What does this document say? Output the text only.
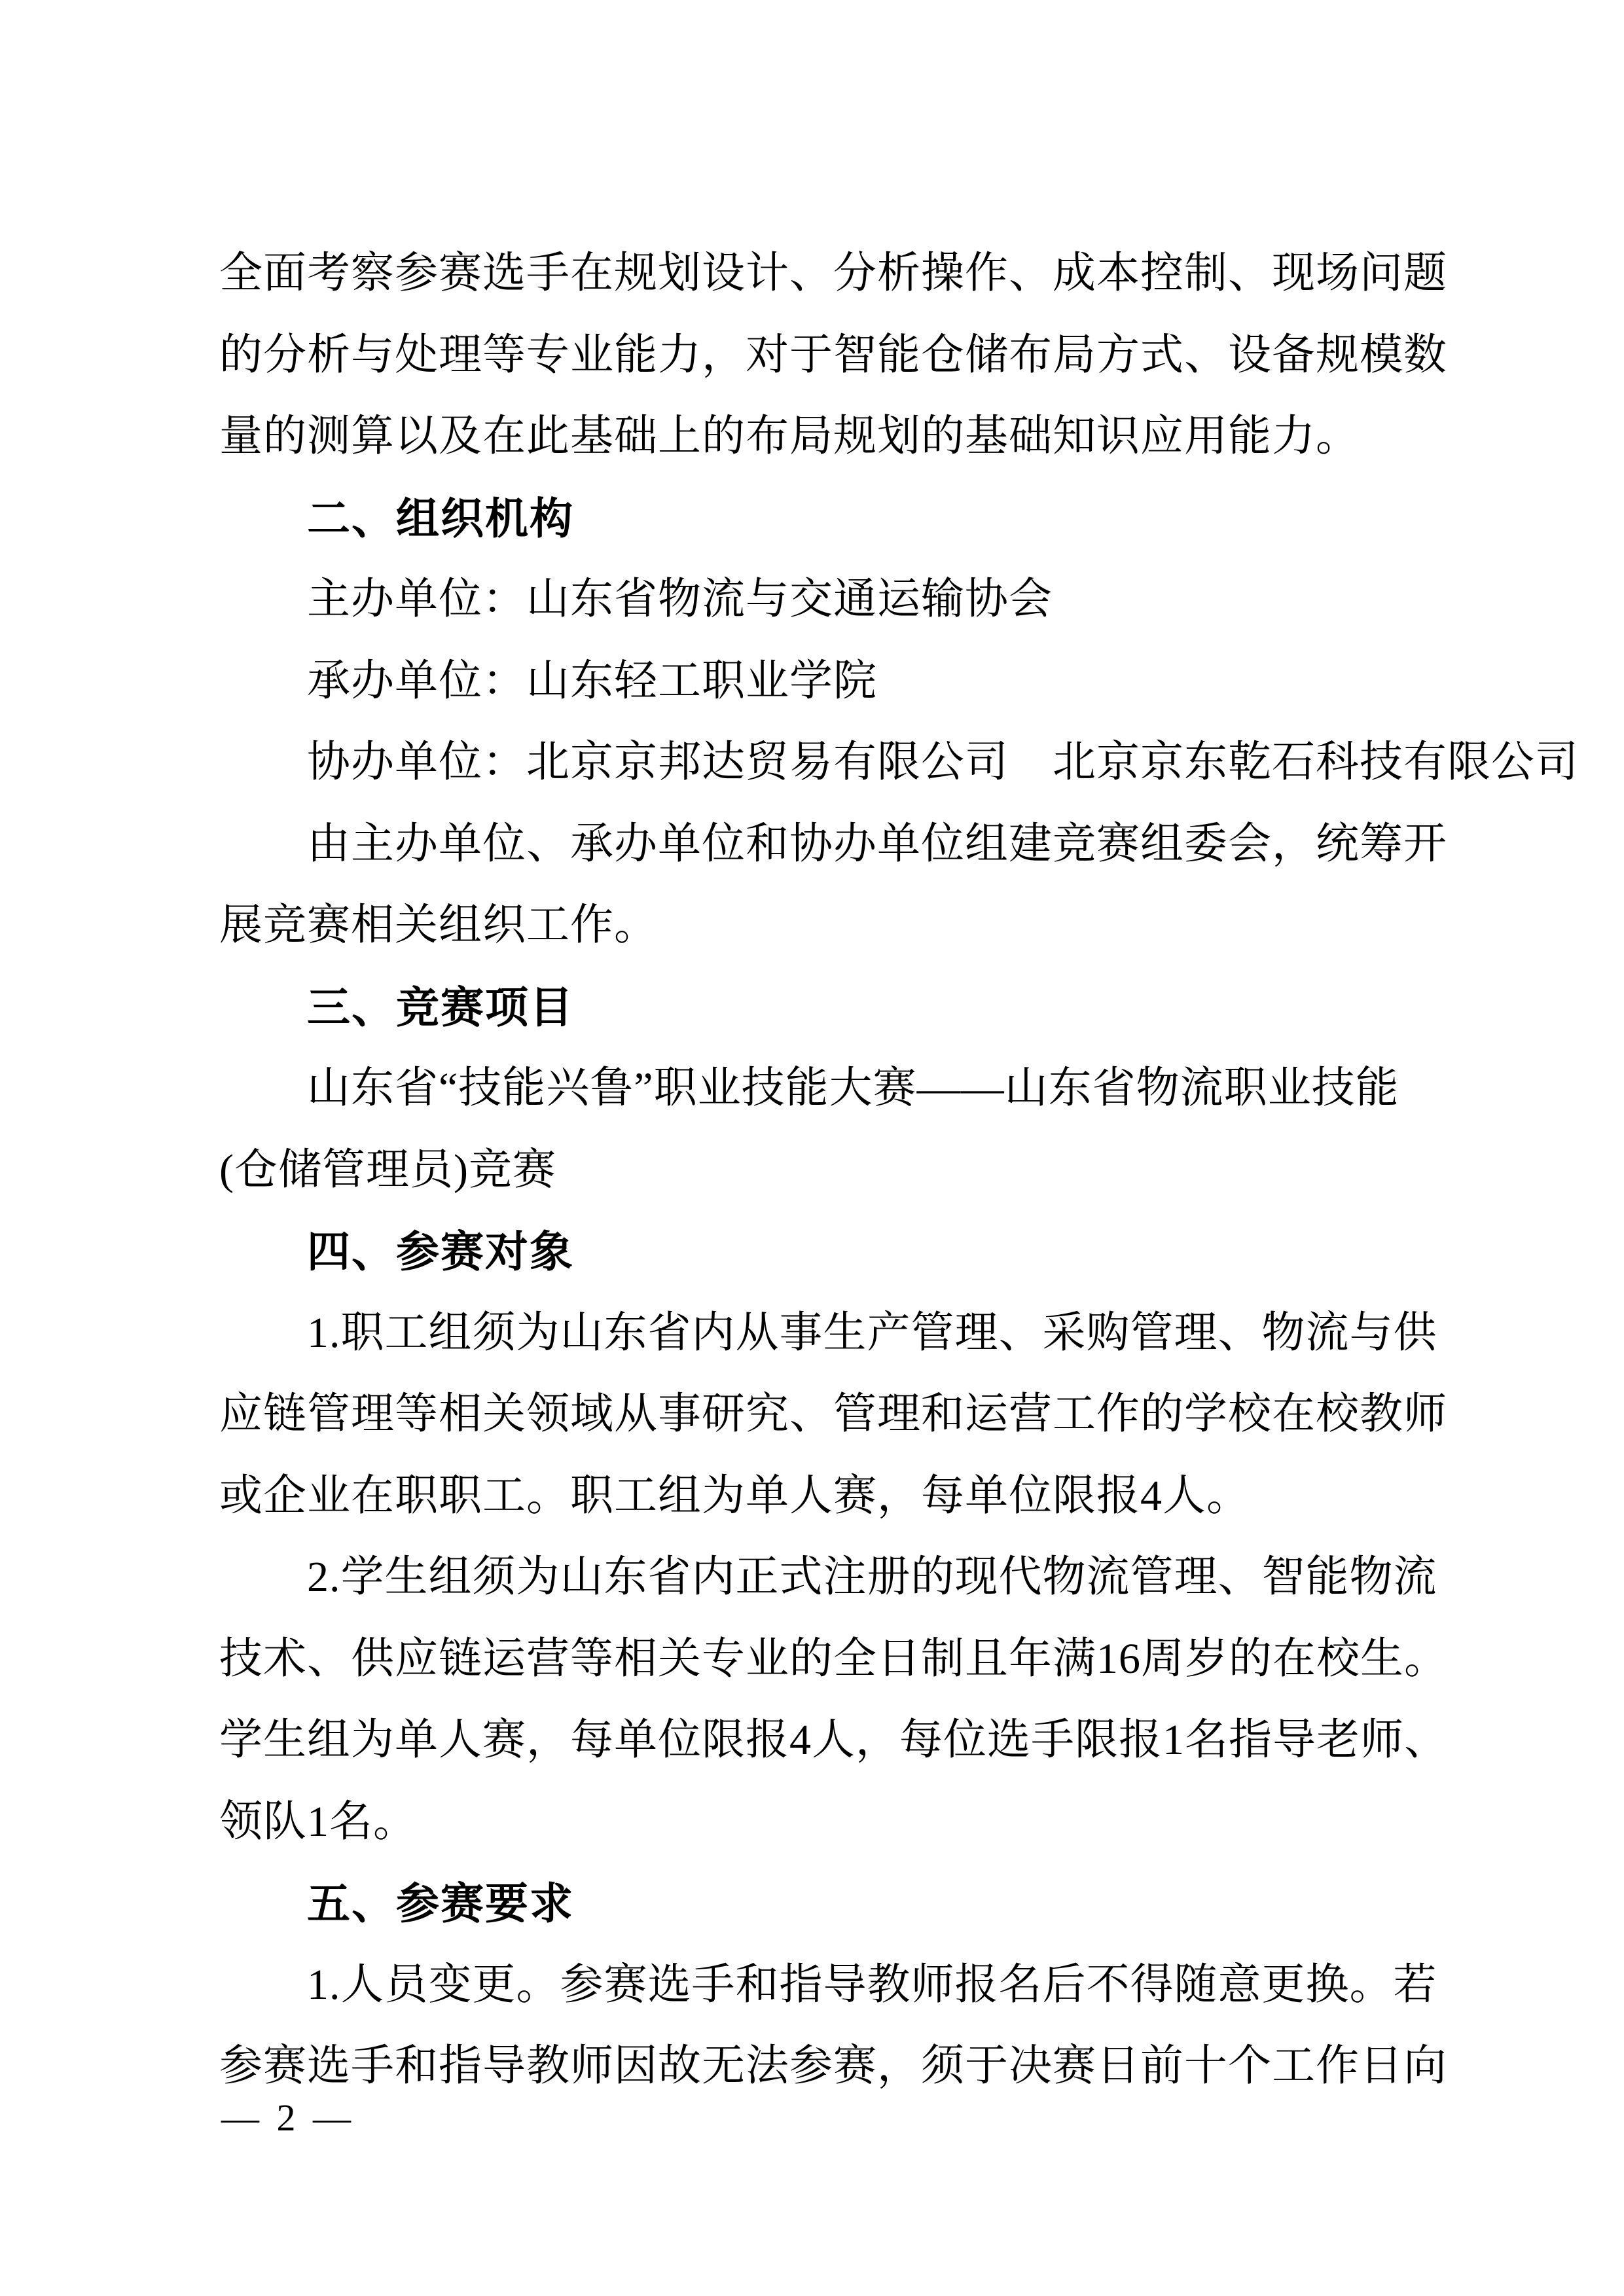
全面考察参赛选手在规划设计、分析操作、成本控制、现场问题
的分析与处理等专业能力，对于智能仓储布局方式、设备规模数
量的测算以及在此基础上的布局规划的基础知识应用能力。
二、组织机构
主办单位：山东省物流与交通运输协会
承办单位：山东轻工职业学院
协办单位：北京京邦达贸易有限公司　北京京东乾石科技有限公司
由主办单位、承办单位和协办单位组建竞赛组委会，统筹开
展竞赛相关组织工作。
三、竞赛项目
山东省“技能兴鲁”职业技能大赛——山东省物流职业技能
(仓储管理员)竞赛
四、参赛对象
1.职工组须为山东省内从事生产管理、采购管理、物流与供
应链管理等相关领域从事研究、管理和运营工作的学校在校教师
或企业在职职工。职工组为单人赛，每单位限报4人。
2.学生组须为山东省内正式注册的现代物流管理、智能物流
技术、供应链运营等相关专业的全日制且年满16周岁的在校生。
学生组为单人赛，每单位限报4人，每位选手限报1名指导老师、
领队1名。
五、参赛要求
1.人员变更。参赛选手和指导教师报名后不得随意更换。若
参赛选手和指导教师因故无法参赛，须于决赛日前十个工作日向
— 2 —
